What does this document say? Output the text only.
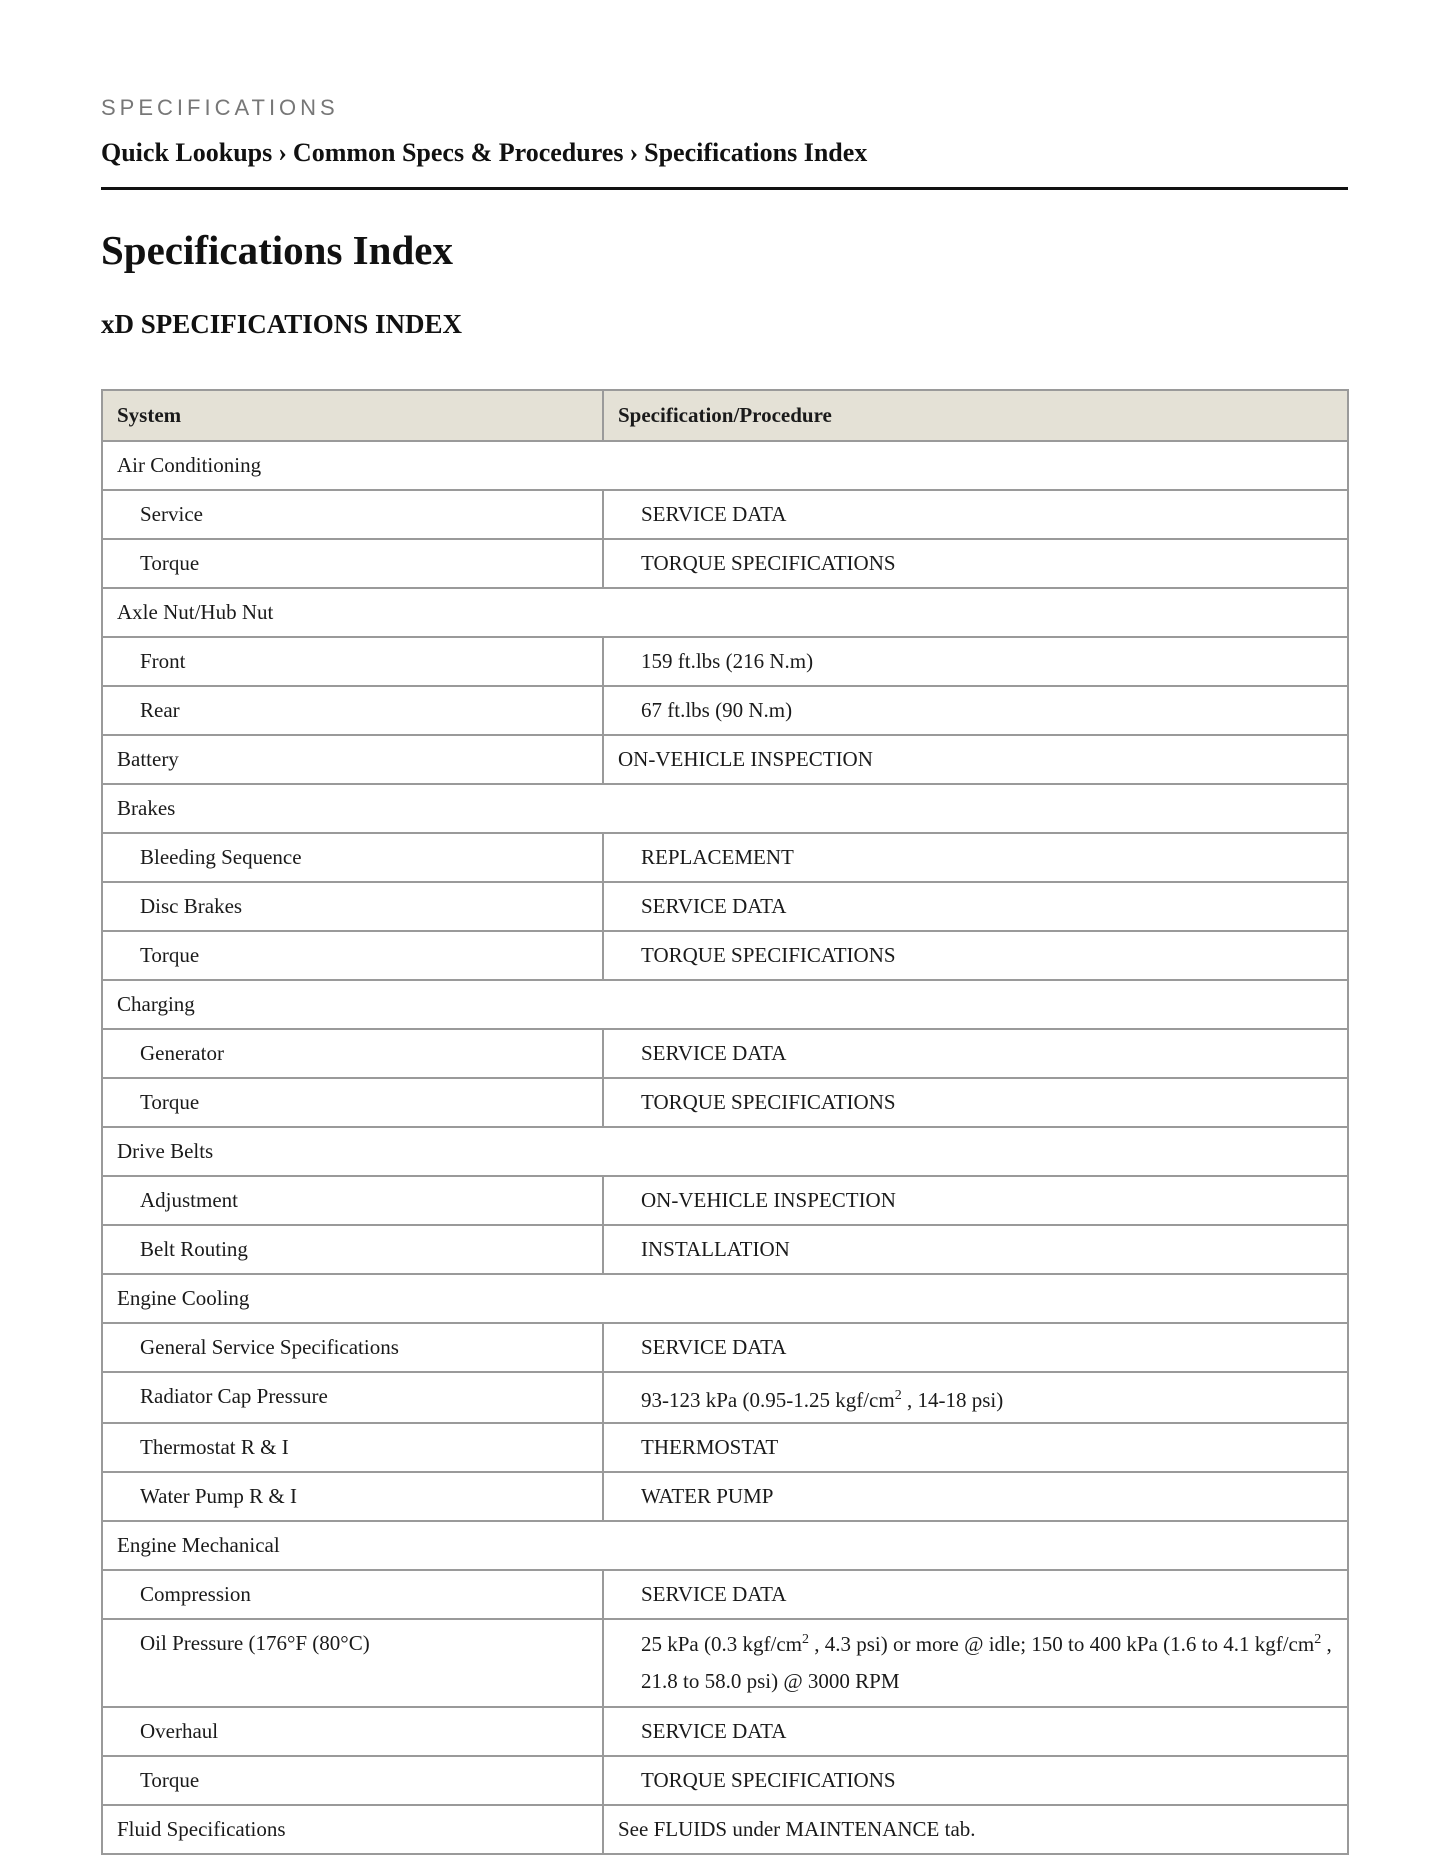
SPECIFICATIONS
Quick Lookups › Common Specs & Procedures › Specifications Index
Specifications Index
xD SPECIFICATIONS INDEX
System	Specification/Procedure
Air Conditioning	
Service	SERVICE DATA
Torque	TORQUE SPECIFICATIONS
Axle Nut/Hub Nut	
Front	159 ft.lbs (216 N.m)
Rear	67 ft.lbs (90 N.m)
Battery	ON-VEHICLE INSPECTION
Brakes	
Bleeding Sequence	REPLACEMENT
Disc Brakes	SERVICE DATA
Torque	TORQUE SPECIFICATIONS
Charging	
Generator	SERVICE DATA
Torque	TORQUE SPECIFICATIONS
Drive Belts	
Adjustment	ON-VEHICLE INSPECTION
Belt Routing	INSTALLATION
Engine Cooling	
General Service Specifications	SERVICE DATA
Radiator Cap Pressure	93-123 kPa (0.95-1.25 kgf/$cm^2$ , 14-18 psi)
Thermostat R & I	THERMOSTAT
Water Pump R & I	WATER PUMP
Engine Mechanical	
Compression	SERVICE DATA
Oil Pressure (176°F (80°C)	25 kPa (0.3 kgf/$cm^2$ , 4.3 psi) or more @ idle; 150 to 400 kPa (1.6 to 4.1 kgf/$cm^2$ , 21.8 to 58.0 psi) @ 3000 RPM
Overhaul	SERVICE DATA
Torque	TORQUE SPECIFICATIONS
Fluid Specifications	See FLUIDS under MAINTENANCE tab.
